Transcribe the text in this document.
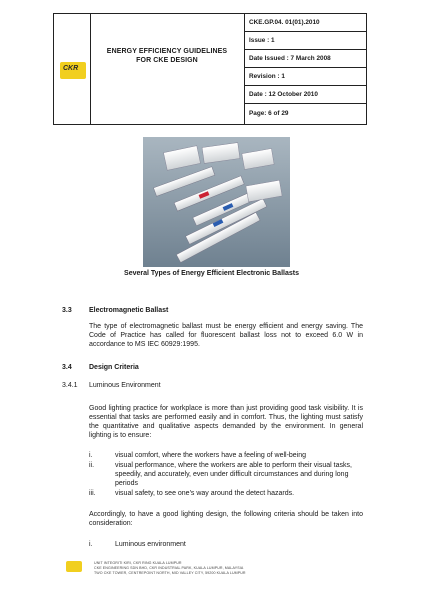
CKR
ENERGY EFFICIENCY GUIDELINES
FOR CKE DESIGN
CKE.GP.04. 01(01).2010
Issue : 1
Date Issued : 7 March 2008
Revision : 1
Date : 12 October 2010
Page: 6 of 29
Several Types of Energy Efficient Electronic Ballasts
3.3 Electromagnetic Ballast
The type of electromagnetic ballast must be energy efficient and energy saving. The Code of Practice has called for fluorescent ballast loss not to exceed 6.0 W in accordance to MS IEC 60929:1995.
3.4 Design Criteria
3.4.1 Luminous Environment
Good lighting practice for workplace is more than just providing good task visibility. It is essential that tasks are performed easily and in comfort. Thus, the lighting must satisfy the quantitative and qualitative aspects demanded by the environment. In general lighting is to ensure:
i.	visual comfort, where the workers have a feeling of well-being
ii.	visual performance, where the workers are able to perform their visual tasks, speedily, and accurately, even under difficult circumstances and during long periods
iii.	visual safety, to see one's way around the detect hazards.
Accordingly, to have a good lighting design, the following criteria should be taken into consideration:
i.	Luminous environment
UNIT INTEGRITI KIRI, CKR RING KUALA LUMPUR
CKE ENGINEERING SDN BHD, CKR INDUSTRIAL PARK, KUALA LUMPUR, MALAYSIA
TWO CKE TOWER, CENTREPOINT NORTH, MID VALLEY CITY, 59200 KUALA LUMPUR
